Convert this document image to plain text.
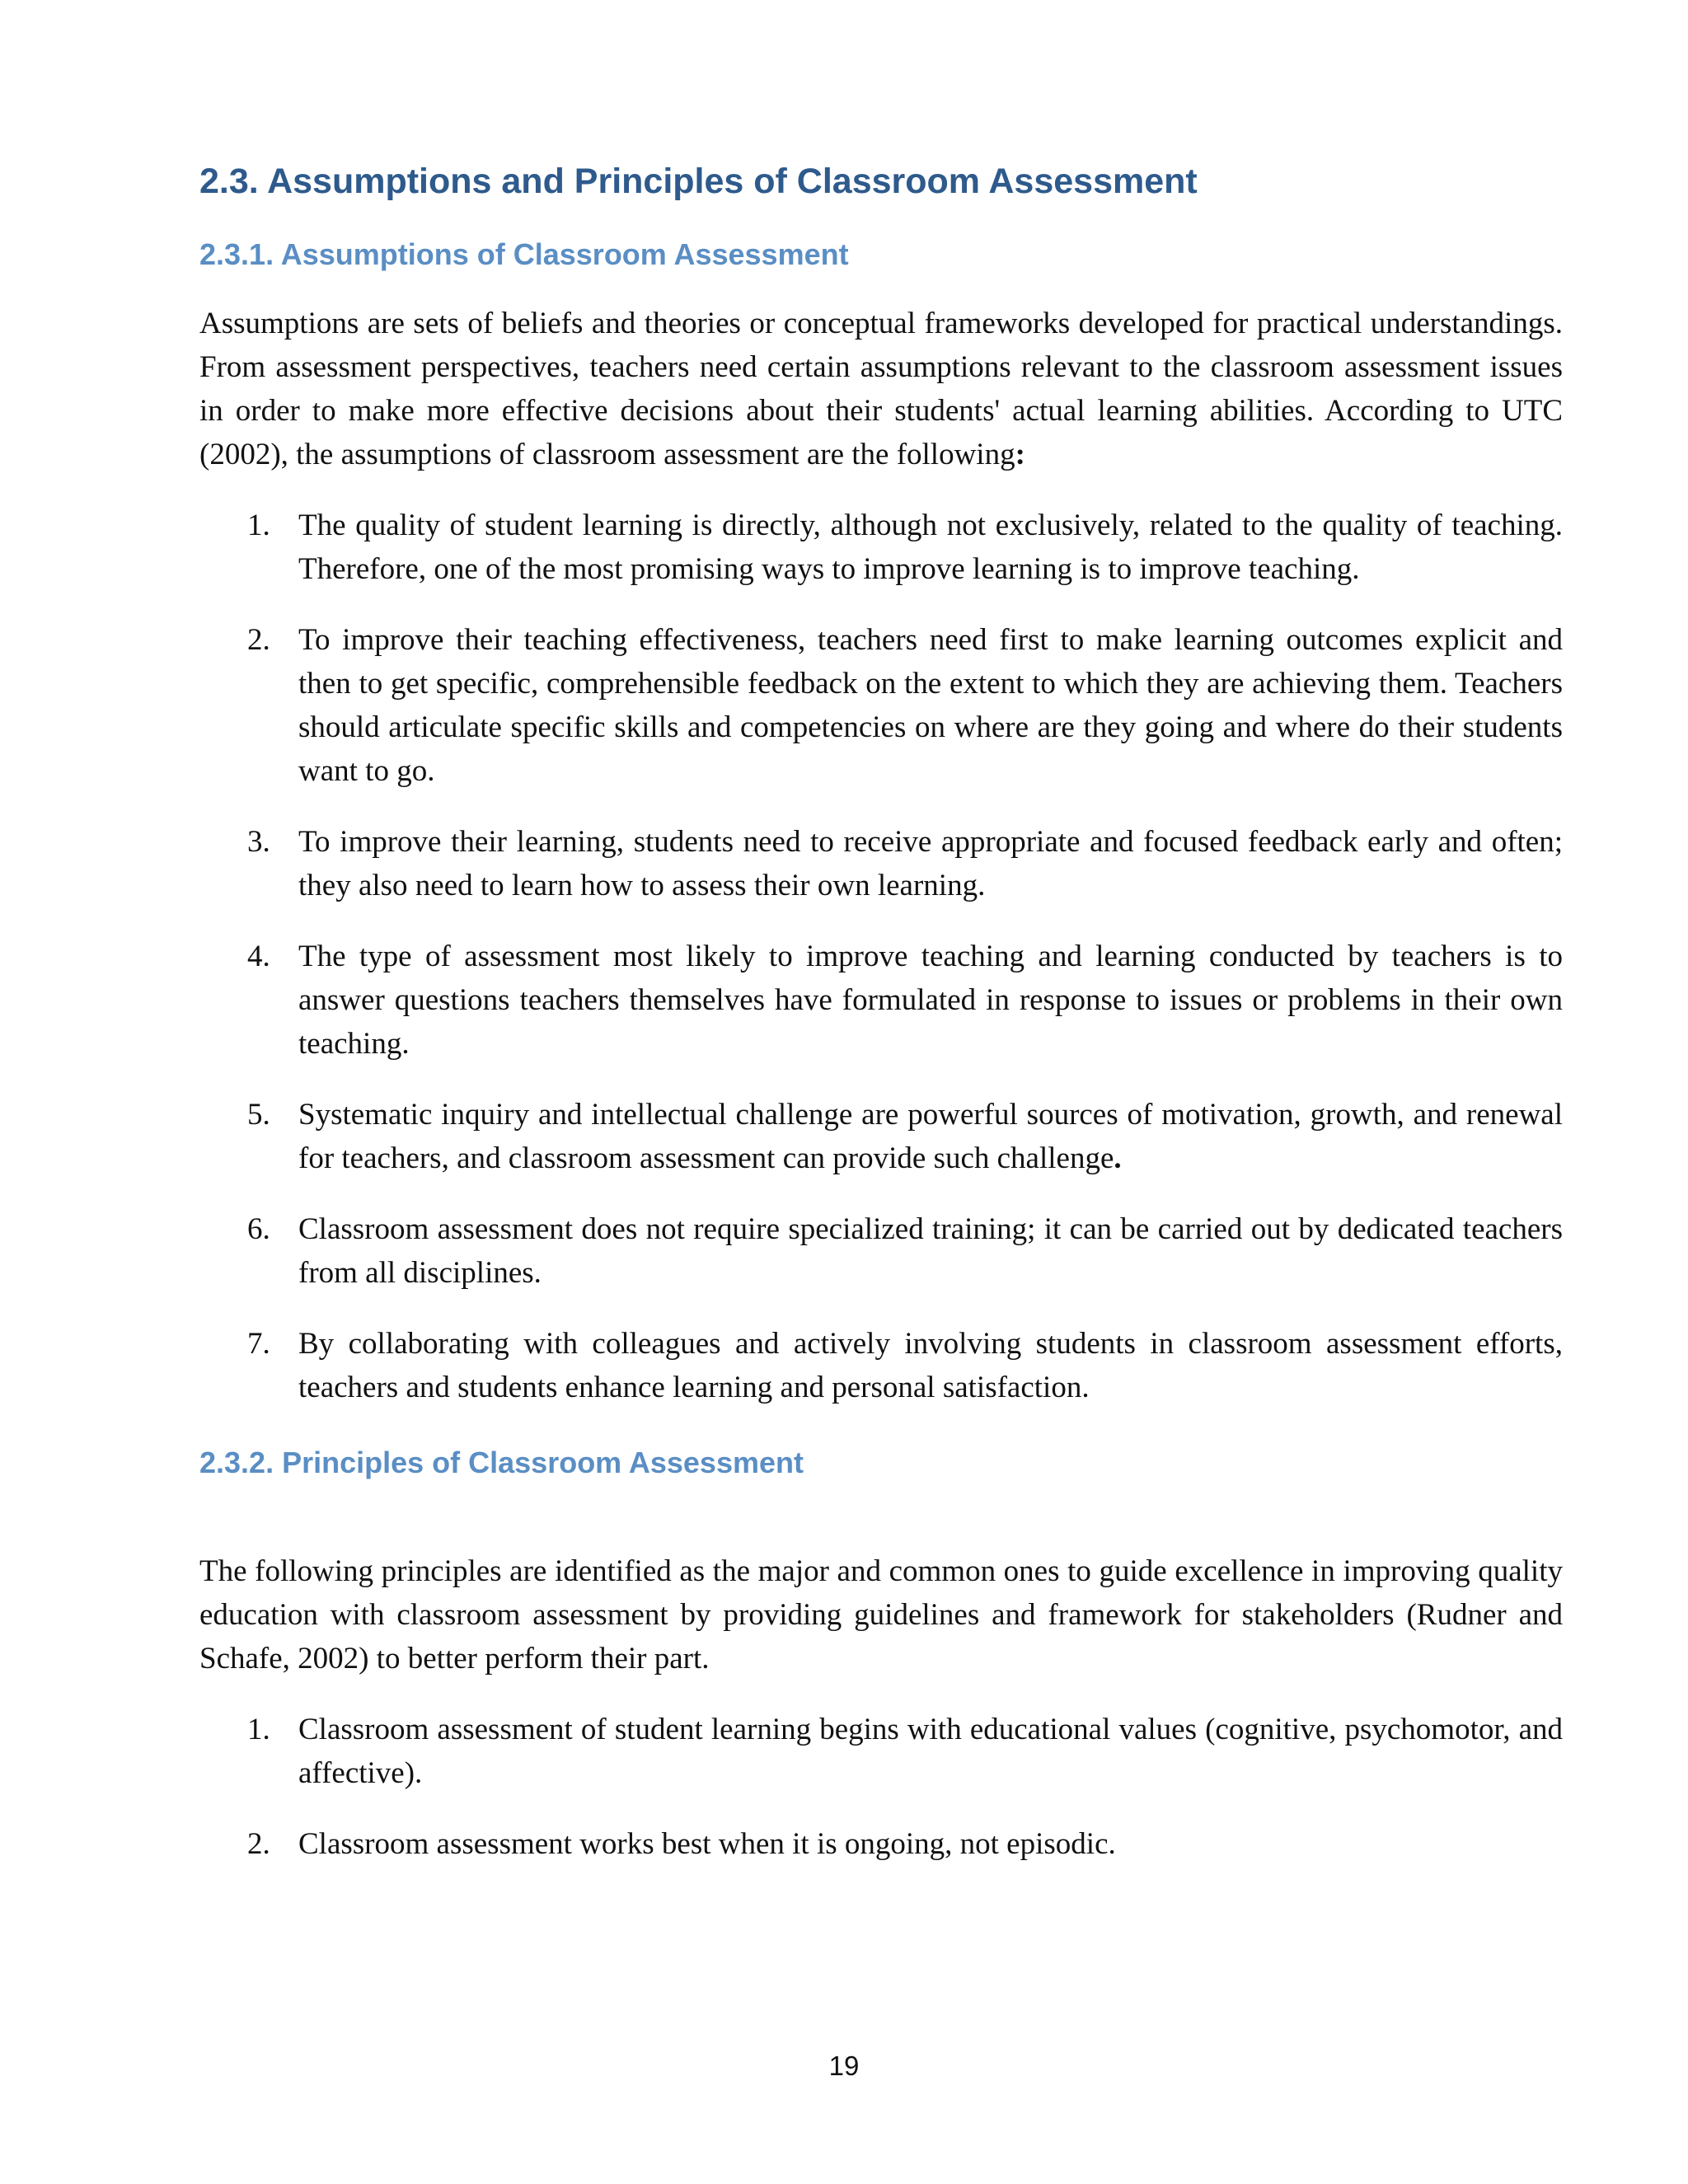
2.3. Assumptions and Principles of Classroom Assessment
2.3.1. Assumptions of Classroom Assessment

Assumptions are sets of beliefs and theories or conceptual frameworks developed for practical understandings. From assessment perspectives, teachers need certain assumptions relevant to the classroom assessment issues in order to make more effective decisions about their students' actual learning abilities. According to UTC (2002), the assumptions of classroom assessment are the following:

1. The quality of student learning is directly, although not exclusively, related to the quality of teaching. Therefore, one of the most promising ways to improve learning is to improve teaching.
2. To improve their teaching effectiveness, teachers need first to make learning outcomes explicit and then to get specific, comprehensible feedback on the extent to which they are achieving them. Teachers should articulate specific skills and competencies on where are they going and where do their students want to go.
3. To improve their learning, students need to receive appropriate and focused feedback early and often; they also need to learn how to assess their own learning.
4. The type of assessment most likely to improve teaching and learning conducted by teachers is to answer questions teachers themselves have formulated in response to issues or problems in their own teaching.
5. Systematic inquiry and intellectual challenge are powerful sources of motivation, growth, and renewal for teachers, and classroom assessment can provide such challenge.
6. Classroom assessment does not require specialized training; it can be carried out by dedicated teachers from all disciplines.
7. By collaborating with colleagues and actively involving students in classroom assessment efforts, teachers and students enhance learning and personal satisfaction.
2.3.2. Principles of Classroom Assessment

The following principles are identified as the major and common ones to guide excellence in improving quality education with classroom assessment by providing guidelines and framework for stakeholders (Rudner and Schafe, 2002) to better perform their part.

1. Classroom assessment of student learning begins with educational values (cognitive, psychomotor, and affective).
2. Classroom assessment works best when it is ongoing, not episodic.
19
